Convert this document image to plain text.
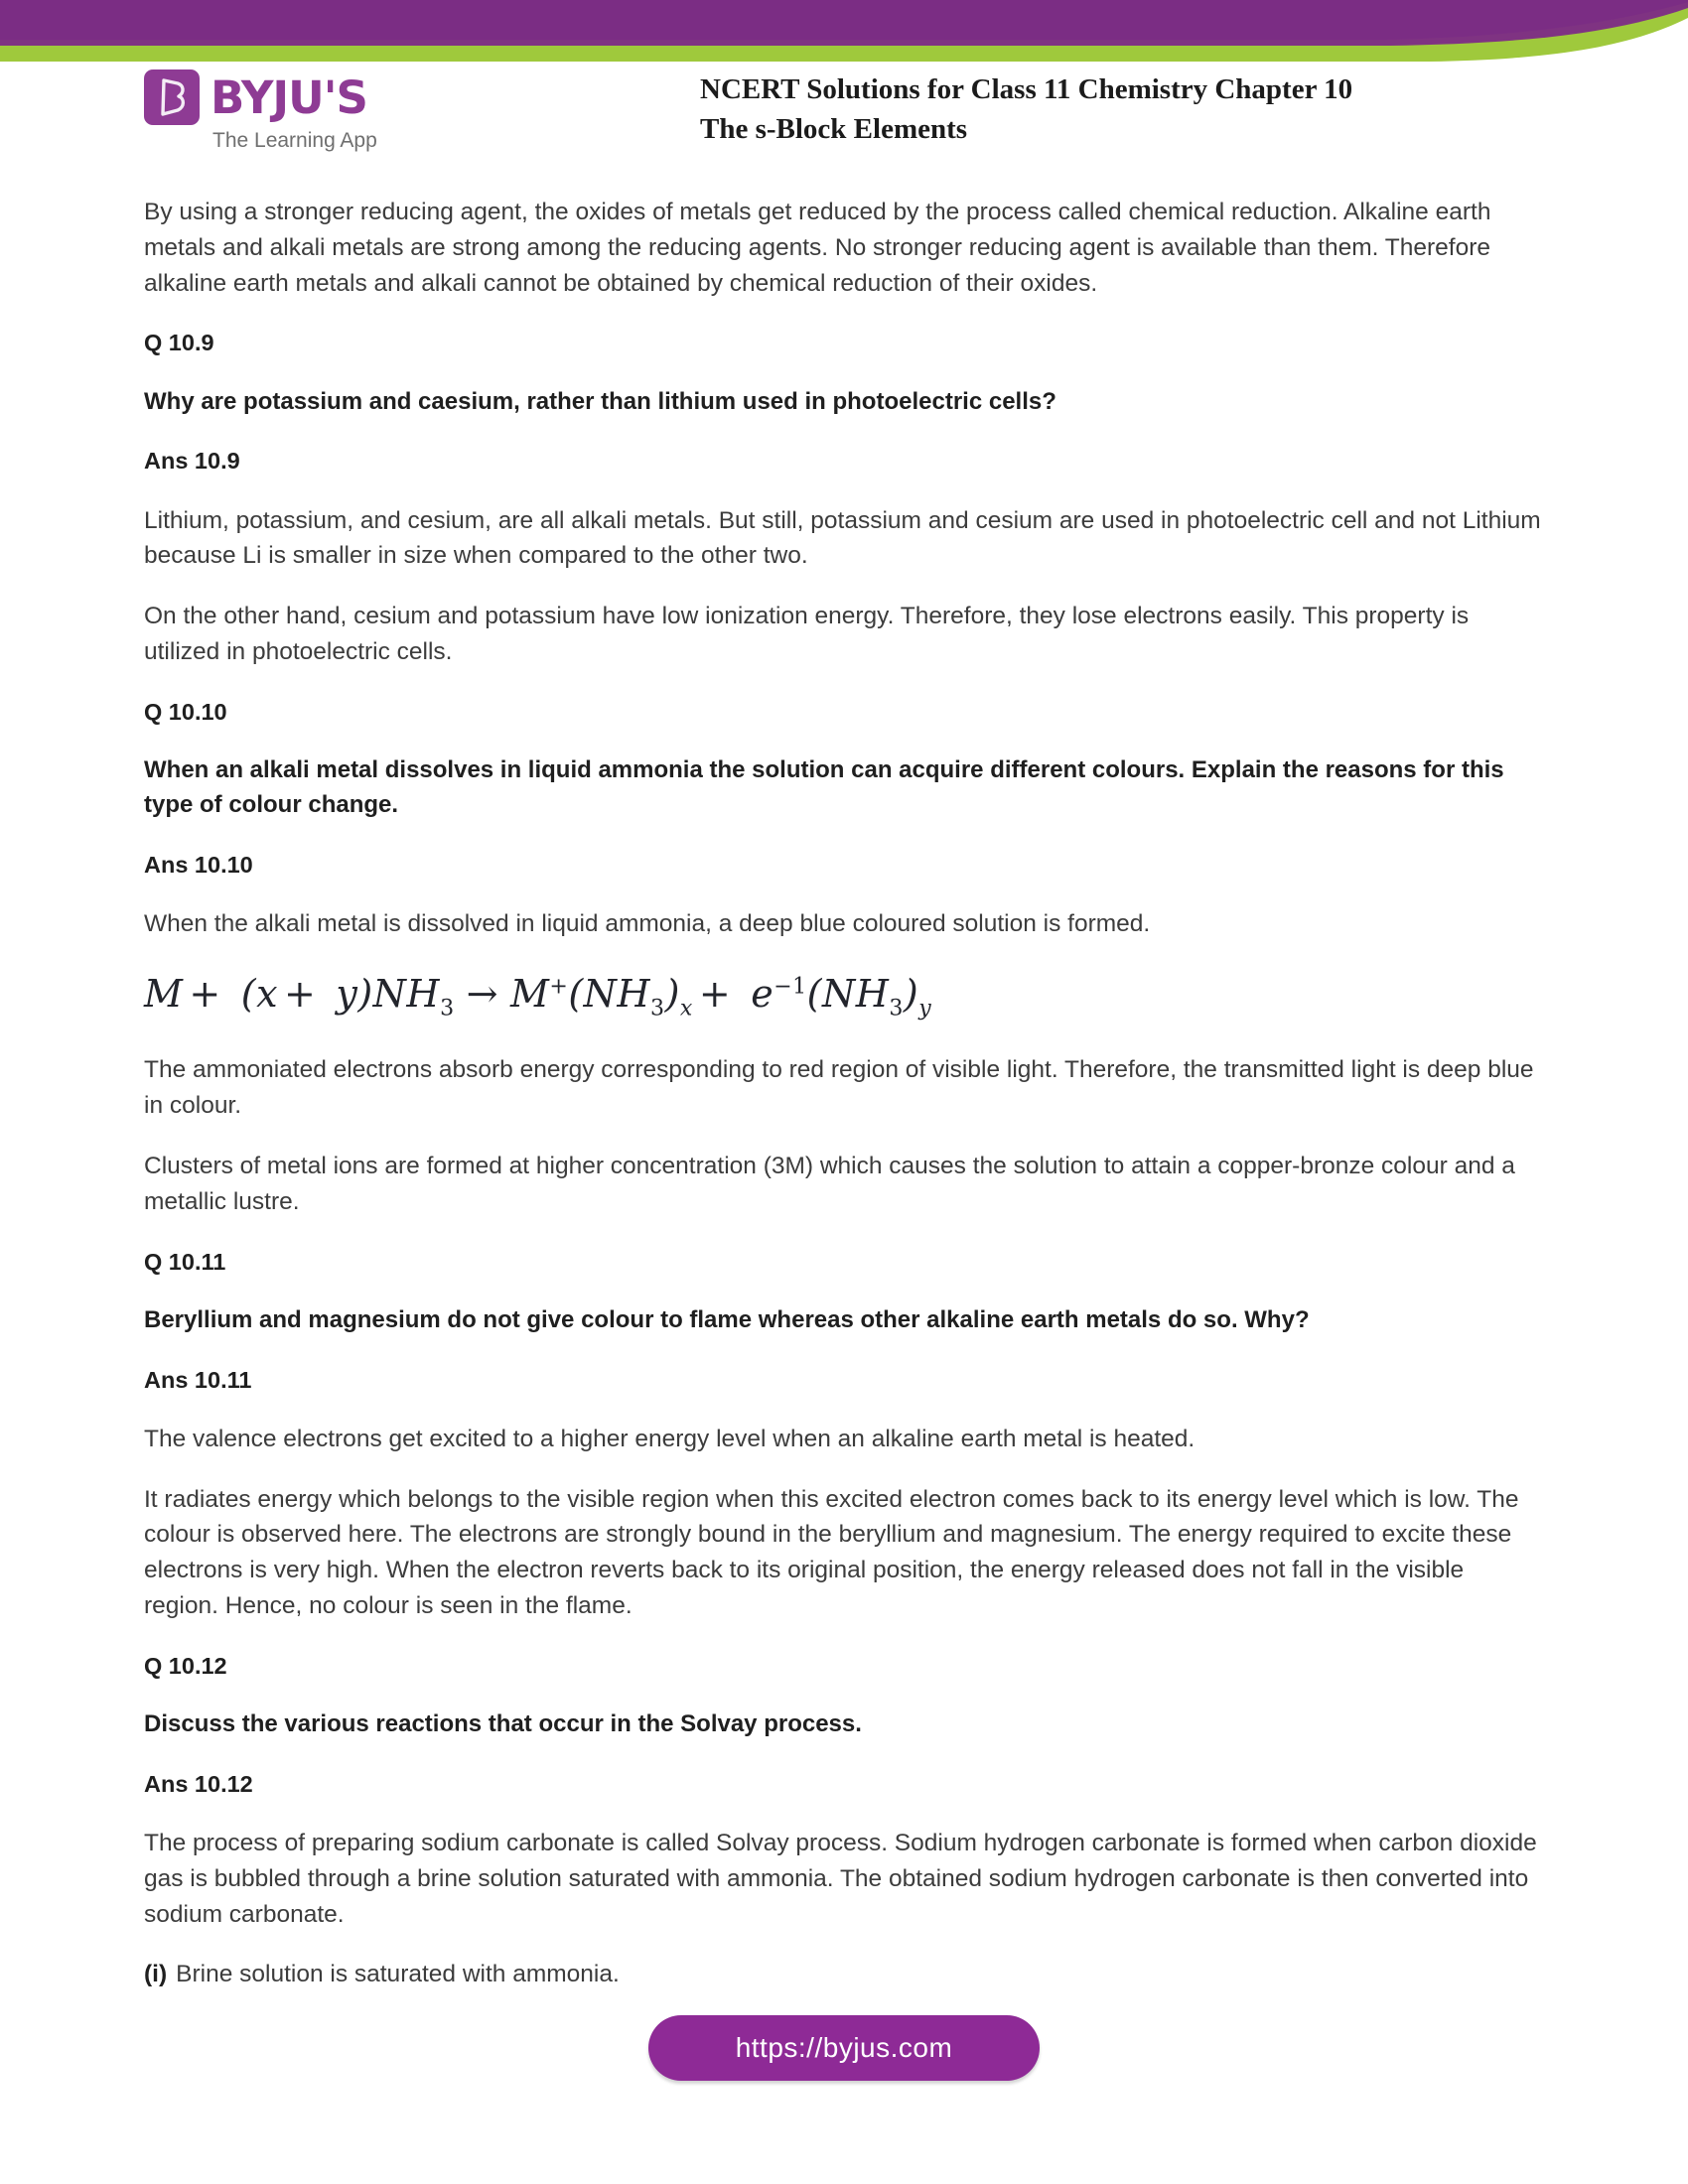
BYJU'S
The Learning App
NCERT Solutions for Class 11 Chemistry Chapter 10
The s-Block Elements

By using a stronger reducing agent, the oxides of metals get reduced by the process called chemical reduction. Alkaline earth metals and alkali metals are strong among the reducing agents. No stronger reducing agent is available than them. Therefore alkaline earth metals and alkali cannot be obtained by chemical reduction of their oxides.

Q 10.9

Why are potassium and caesium, rather than lithium used in photoelectric cells?

Ans 10.9

Lithium, potassium, and cesium, are all alkali metals. But still, potassium and cesium are used in photoelectric cell and not Lithium because Li is smaller in size when compared to the other two.

On the other hand, cesium and potassium have low ionization energy. Therefore, they lose electrons easily. This property is utilized in photoelectric cells.

Q 10.10

When an alkali metal dissolves in liquid ammonia the solution can acquire different colours. Explain the reasons for this type of colour change.

Ans 10.10

When the alkali metal is dissolved in liquid ammonia, a deep blue coloured solution is formed.

$M + (x + y)NH_3 \to M^+(NH_3)_x + e^{-1}(NH_3)_y$

The ammoniated electrons absorb energy corresponding to red region of visible light. Therefore, the transmitted light is deep blue in colour.

Clusters of metal ions are formed at higher concentration (3M) which causes the solution to attain a copper-bronze colour and a metallic lustre.

Q 10.11

Beryllium and magnesium do not give colour to flame whereas other alkaline earth metals do so. Why?

Ans 10.11

The valence electrons get excited to a higher energy level when an alkaline earth metal is heated.

It radiates energy which belongs to the visible region when this excited electron comes back to its energy level which is low. The colour is observed here. The electrons are strongly bound in the beryllium and magnesium. The energy required to excite these electrons is very high. When the electron reverts back to its original position, the energy released does not fall in the visible region. Hence, no colour is seen in the flame.

Q 10.12

Discuss the various reactions that occur in the Solvay process.

Ans 10.12

The process of preparing sodium carbonate is called Solvay process. Sodium hydrogen carbonate is formed when carbon dioxide gas is bubbled through a brine solution saturated with ammonia. The obtained sodium hydrogen carbonate is then converted into sodium carbonate.

(i) Brine solution is saturated with ammonia.

https://byjus.com
